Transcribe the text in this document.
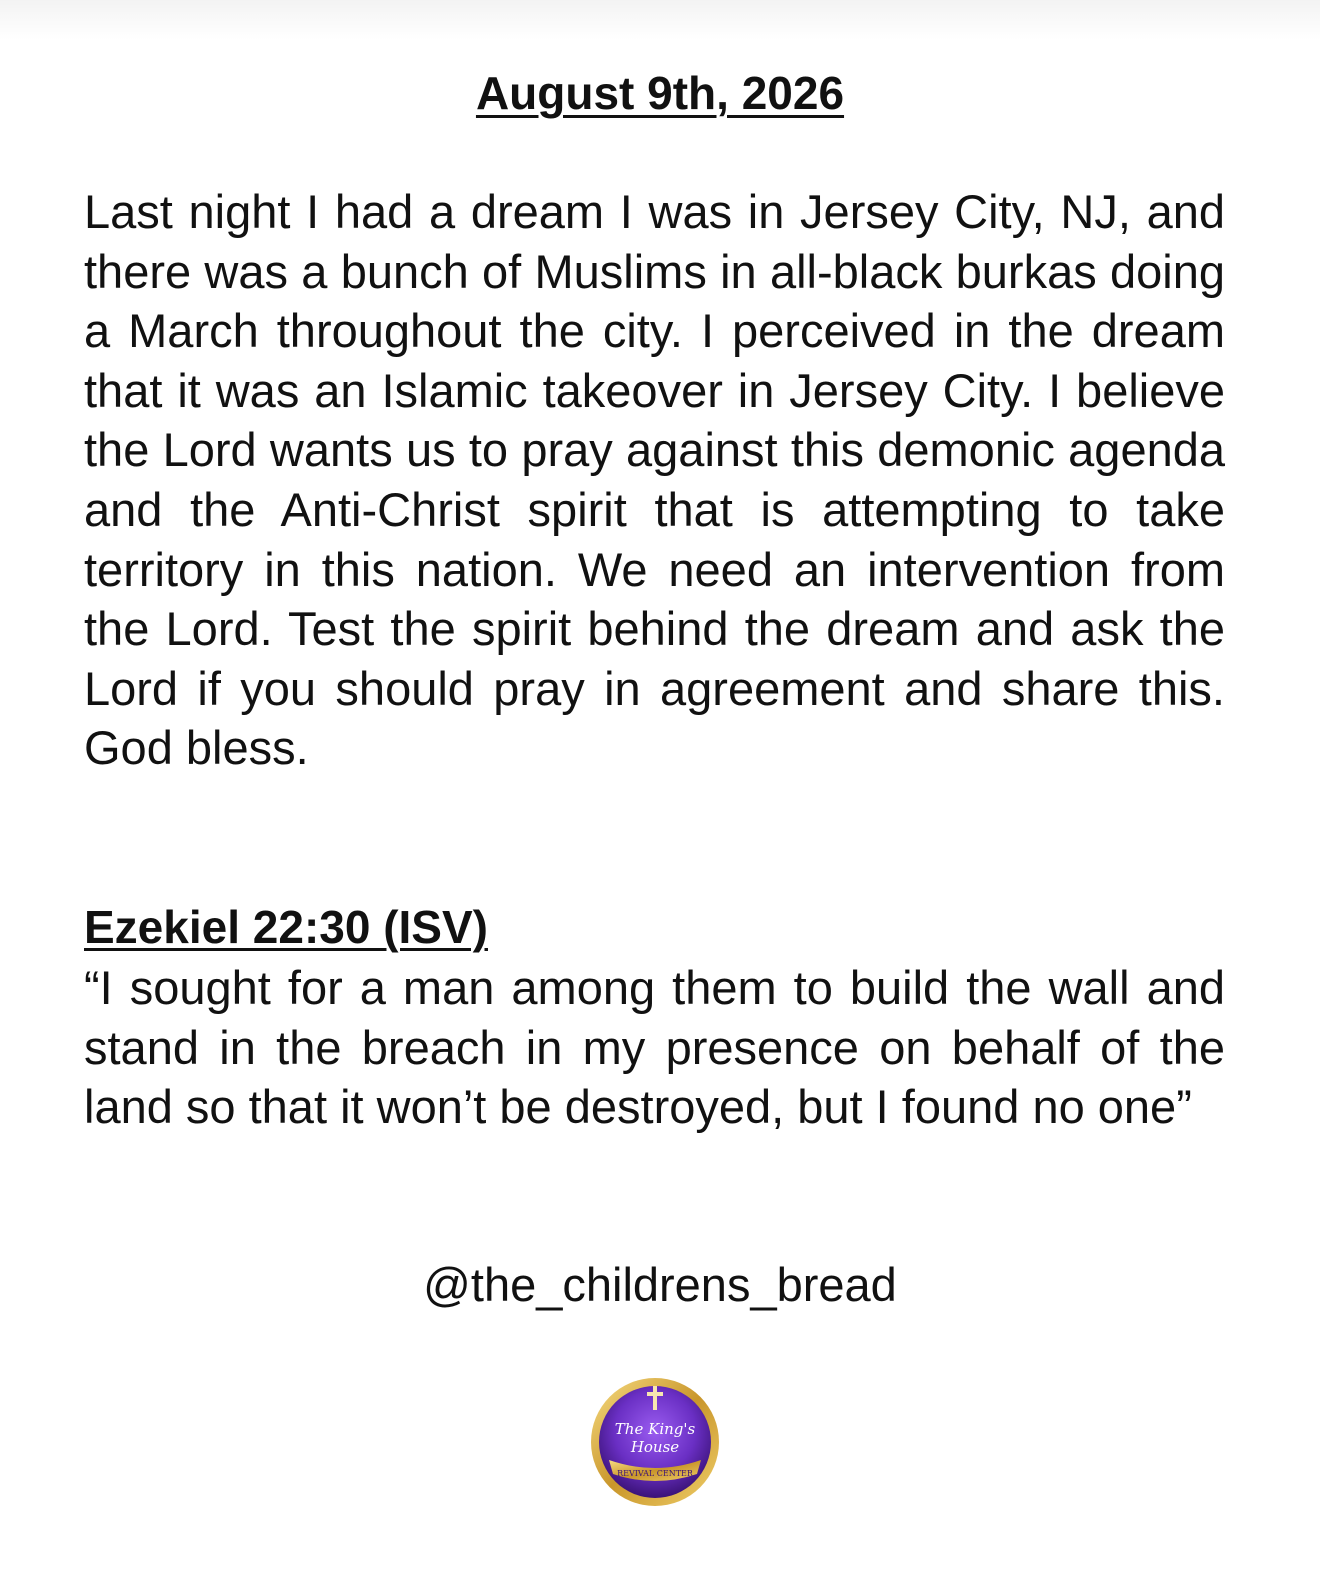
August 9th, 2026

Last night I had a dream I was in Jersey City, NJ, and there was a bunch of Muslims in all-black burkas doing a March throughout the city. I perceived in the dream that it was an Islamic takeover in Jersey City. I believe the Lord wants us to pray against this demonic agenda and the Anti-Christ spirit that is attempting to take territory in this nation. We need an intervention from the Lord. Test the spirit behind the dream and ask the Lord if you should pray in agreement and share this. God bless.

Ezekiel 22:30 (ISV)

“I sought for a man among them to build the wall and stand in the breach in my presence on behalf of the land so that it won’t be destroyed, but I found no one”

@the_childrens_bread
The King's
House
REVIVAL CENTER
